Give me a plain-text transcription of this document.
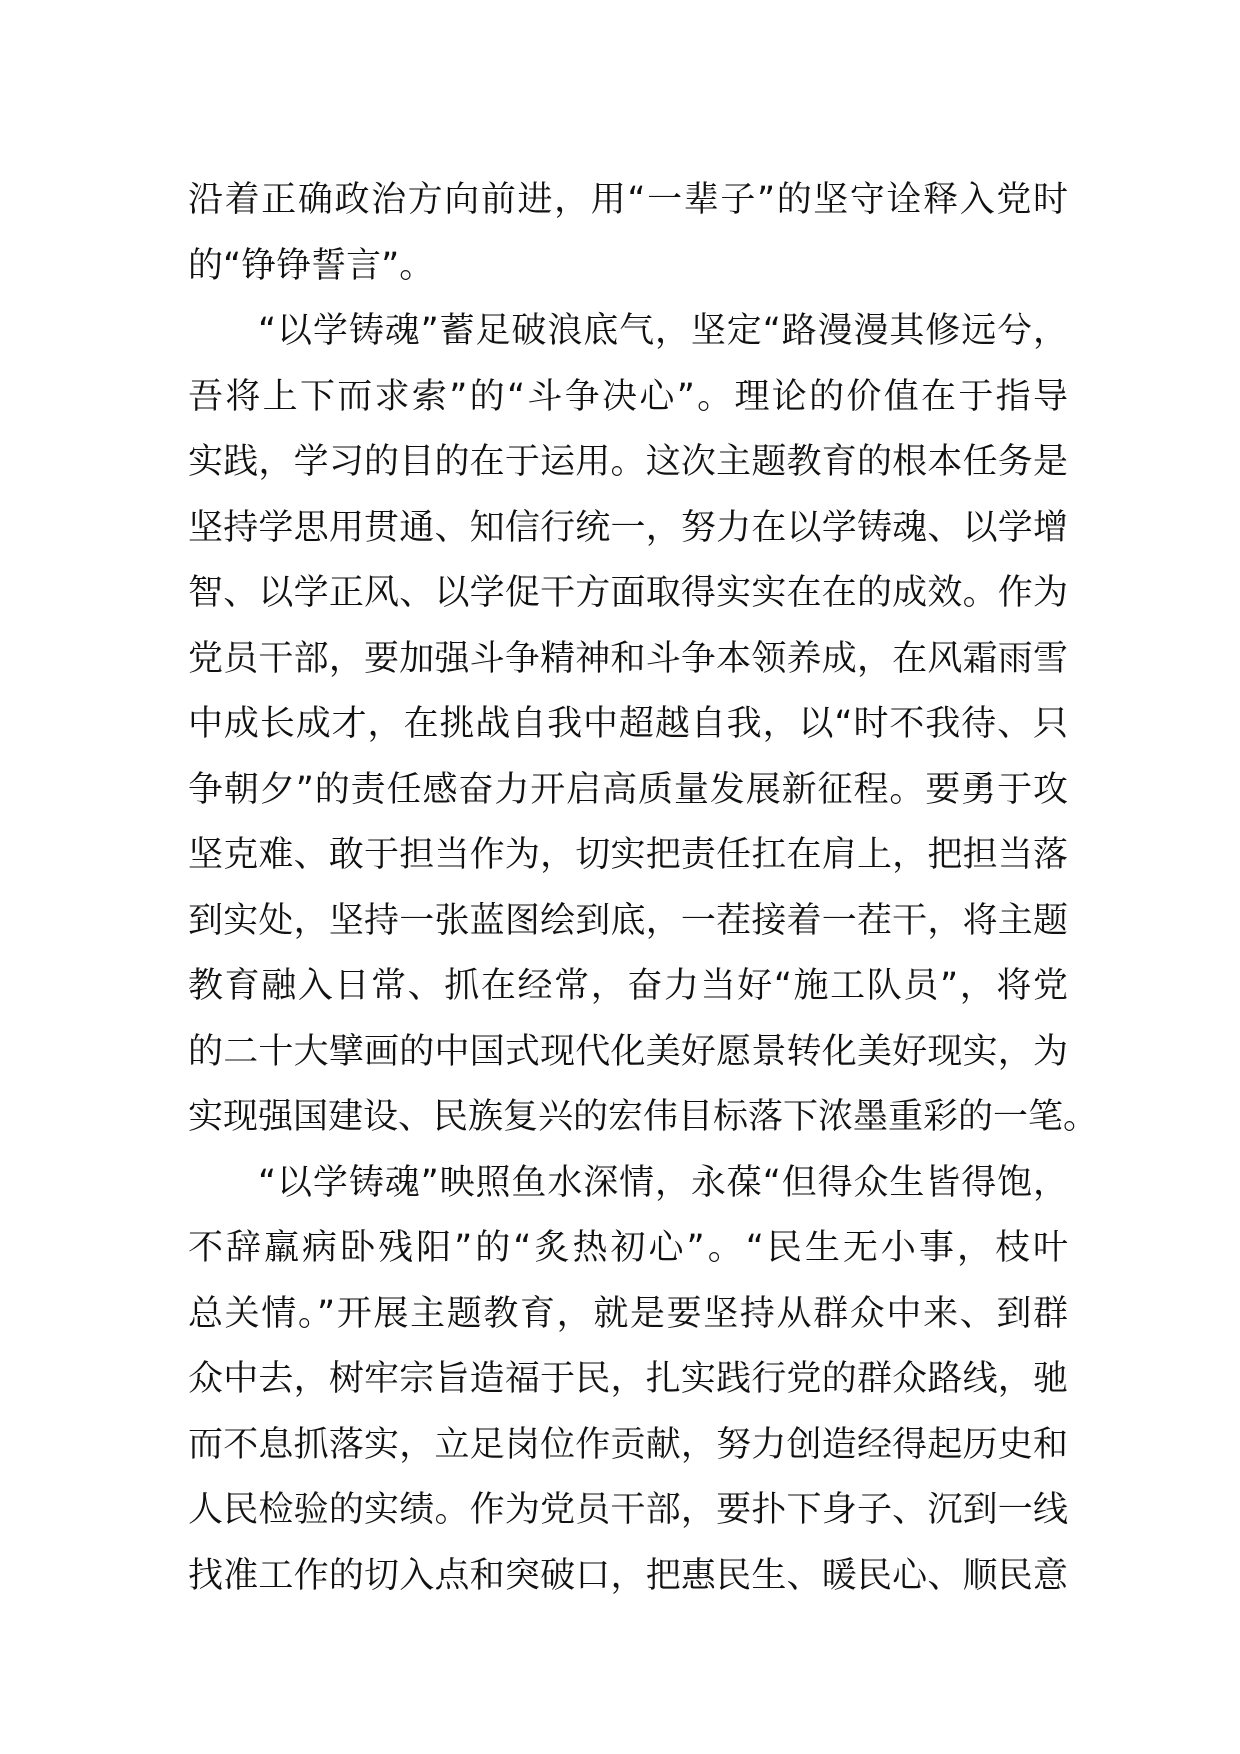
沿着正确政治方向前进，用“一辈子”的坚守诠释入党时
的“铮铮誓言”。
“以学铸魂”蓄足破浪底气，坚定“路漫漫其修远兮，
吾将上下而求索”的“斗争决心”。理论的价值在于指导
实践，学习的目的在于运用。这次主题教育的根本任务是
坚持学思用贯通、知信行统一，努力在以学铸魂、以学增
智、以学正风、以学促干方面取得实实在在的成效。作为
党员干部，要加强斗争精神和斗争本领养成，在风霜雨雪
中成长成才，在挑战自我中超越自我，以“时不我待、只
争朝夕”的责任感奋力开启高质量发展新征程。要勇于攻
坚克难、敢于担当作为，切实把责任扛在肩上，把担当落
到实处，坚持一张蓝图绘到底，一茬接着一茬干，将主题
教育融入日常、抓在经常，奋力当好“施工队员”，将党
的二十大擘画的中国式现代化美好愿景转化美好现实，为
实现强国建设、民族复兴的宏伟目标落下浓墨重彩的一笔。
“以学铸魂”映照鱼水深情，永葆“但得众生皆得饱，
不辞羸病卧残阳”的“炙热初心”。“民生无小事，枝叶
总关情。”开展主题教育，就是要坚持从群众中来、到群
众中去，树牢宗旨造福于民，扎实践行党的群众路线，驰
而不息抓落实，立足岗位作贡献，努力创造经得起历史和
人民检验的实绩。作为党员干部，要扑下身子、沉到一线
找准工作的切入点和突破口，把惠民生、暖民心、顺民意
